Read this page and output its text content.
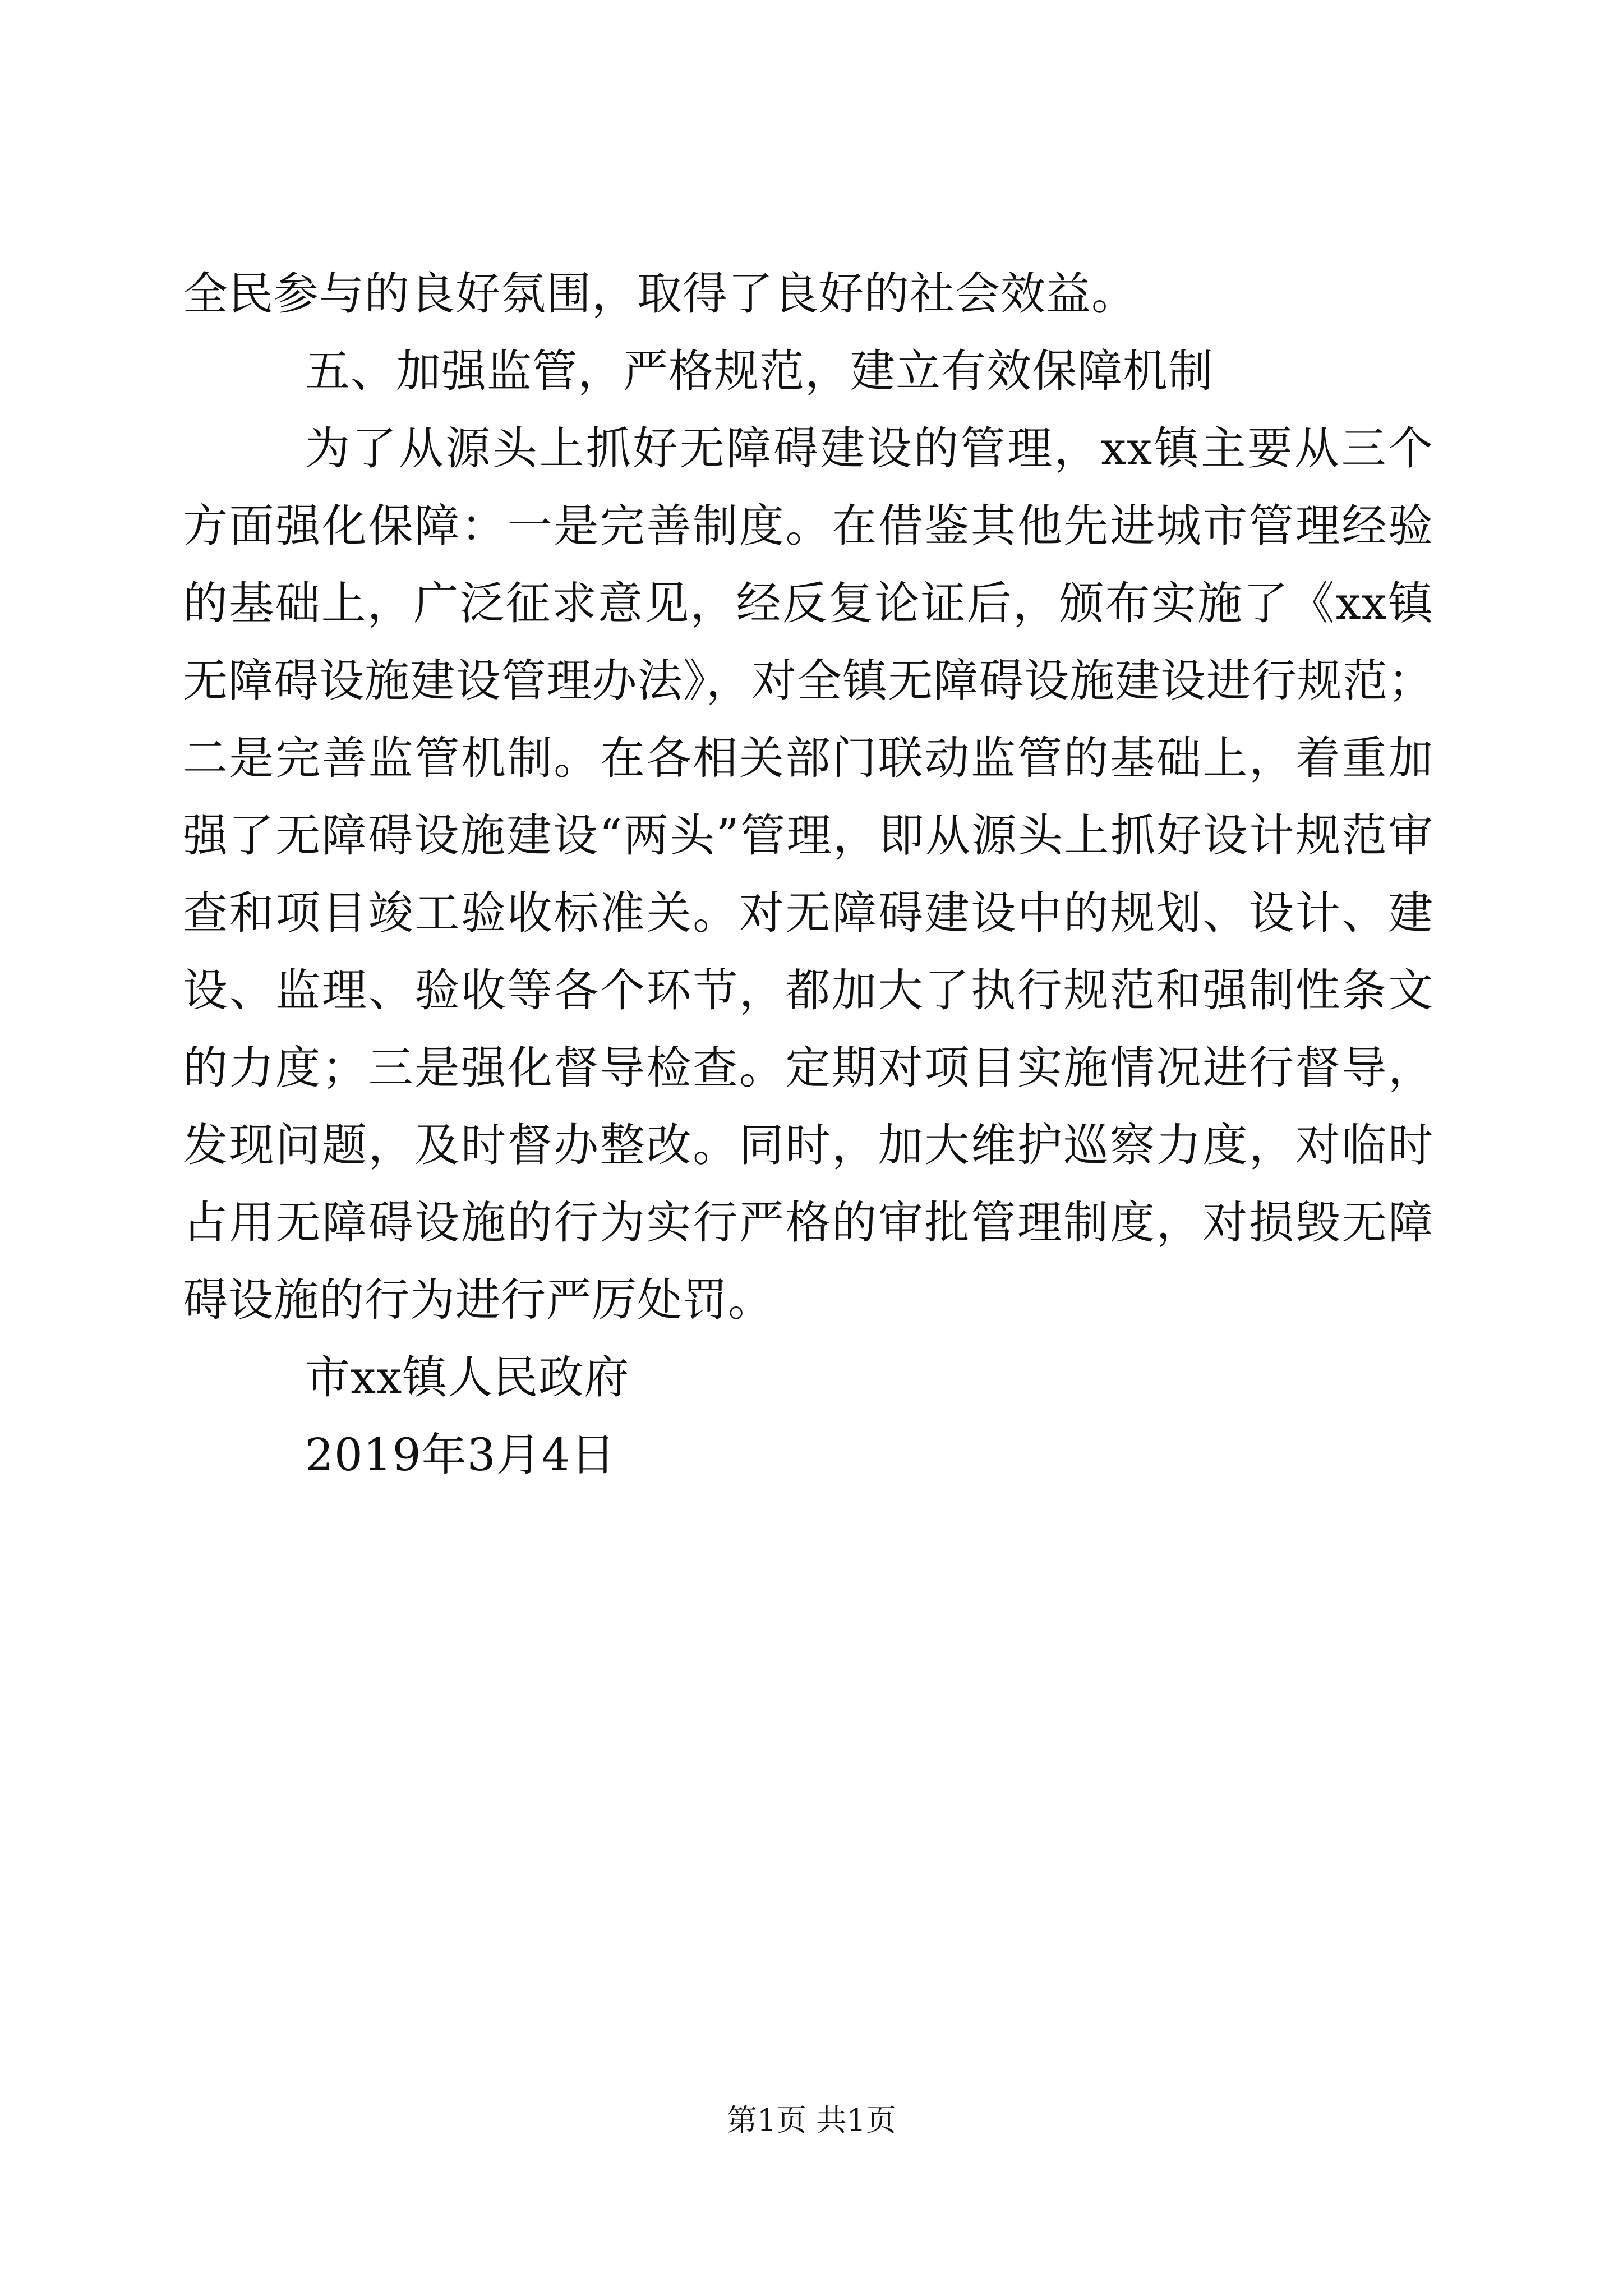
全民参与的良好氛围，取得了良好的社会效益。

五、加强监管，严格规范，建立有效保障机制

为了从源头上抓好无障碍建设的管理，xx镇主要从三个方面强化保障：一是完善制度。在借鉴其他先进城市管理经验的基础上，广泛征求意见，经反复论证后，颁布实施了《xx镇无障碍设施建设管理办法》，对全镇无障碍设施建设进行规范；二是完善监管机制。在各相关部门联动监管的基础上，着重加强了无障碍设施建设“两头”管理，即从源头上抓好设计规范审查和项目竣工验收标准关。对无障碍建设中的规划、设计、建设、监理、验收等各个环节，都加大了执行规范和强制性条文的力度；三是强化督导检查。定期对项目实施情况进行督导，发现问题，及时督办整改。同时，加大维护巡察力度，对临时占用无障碍设施的行为实行严格的审批管理制度，对损毁无障碍设施的行为进行严厉处罚。

市xx镇人民政府

2019年3月4日

第1页 共1页
